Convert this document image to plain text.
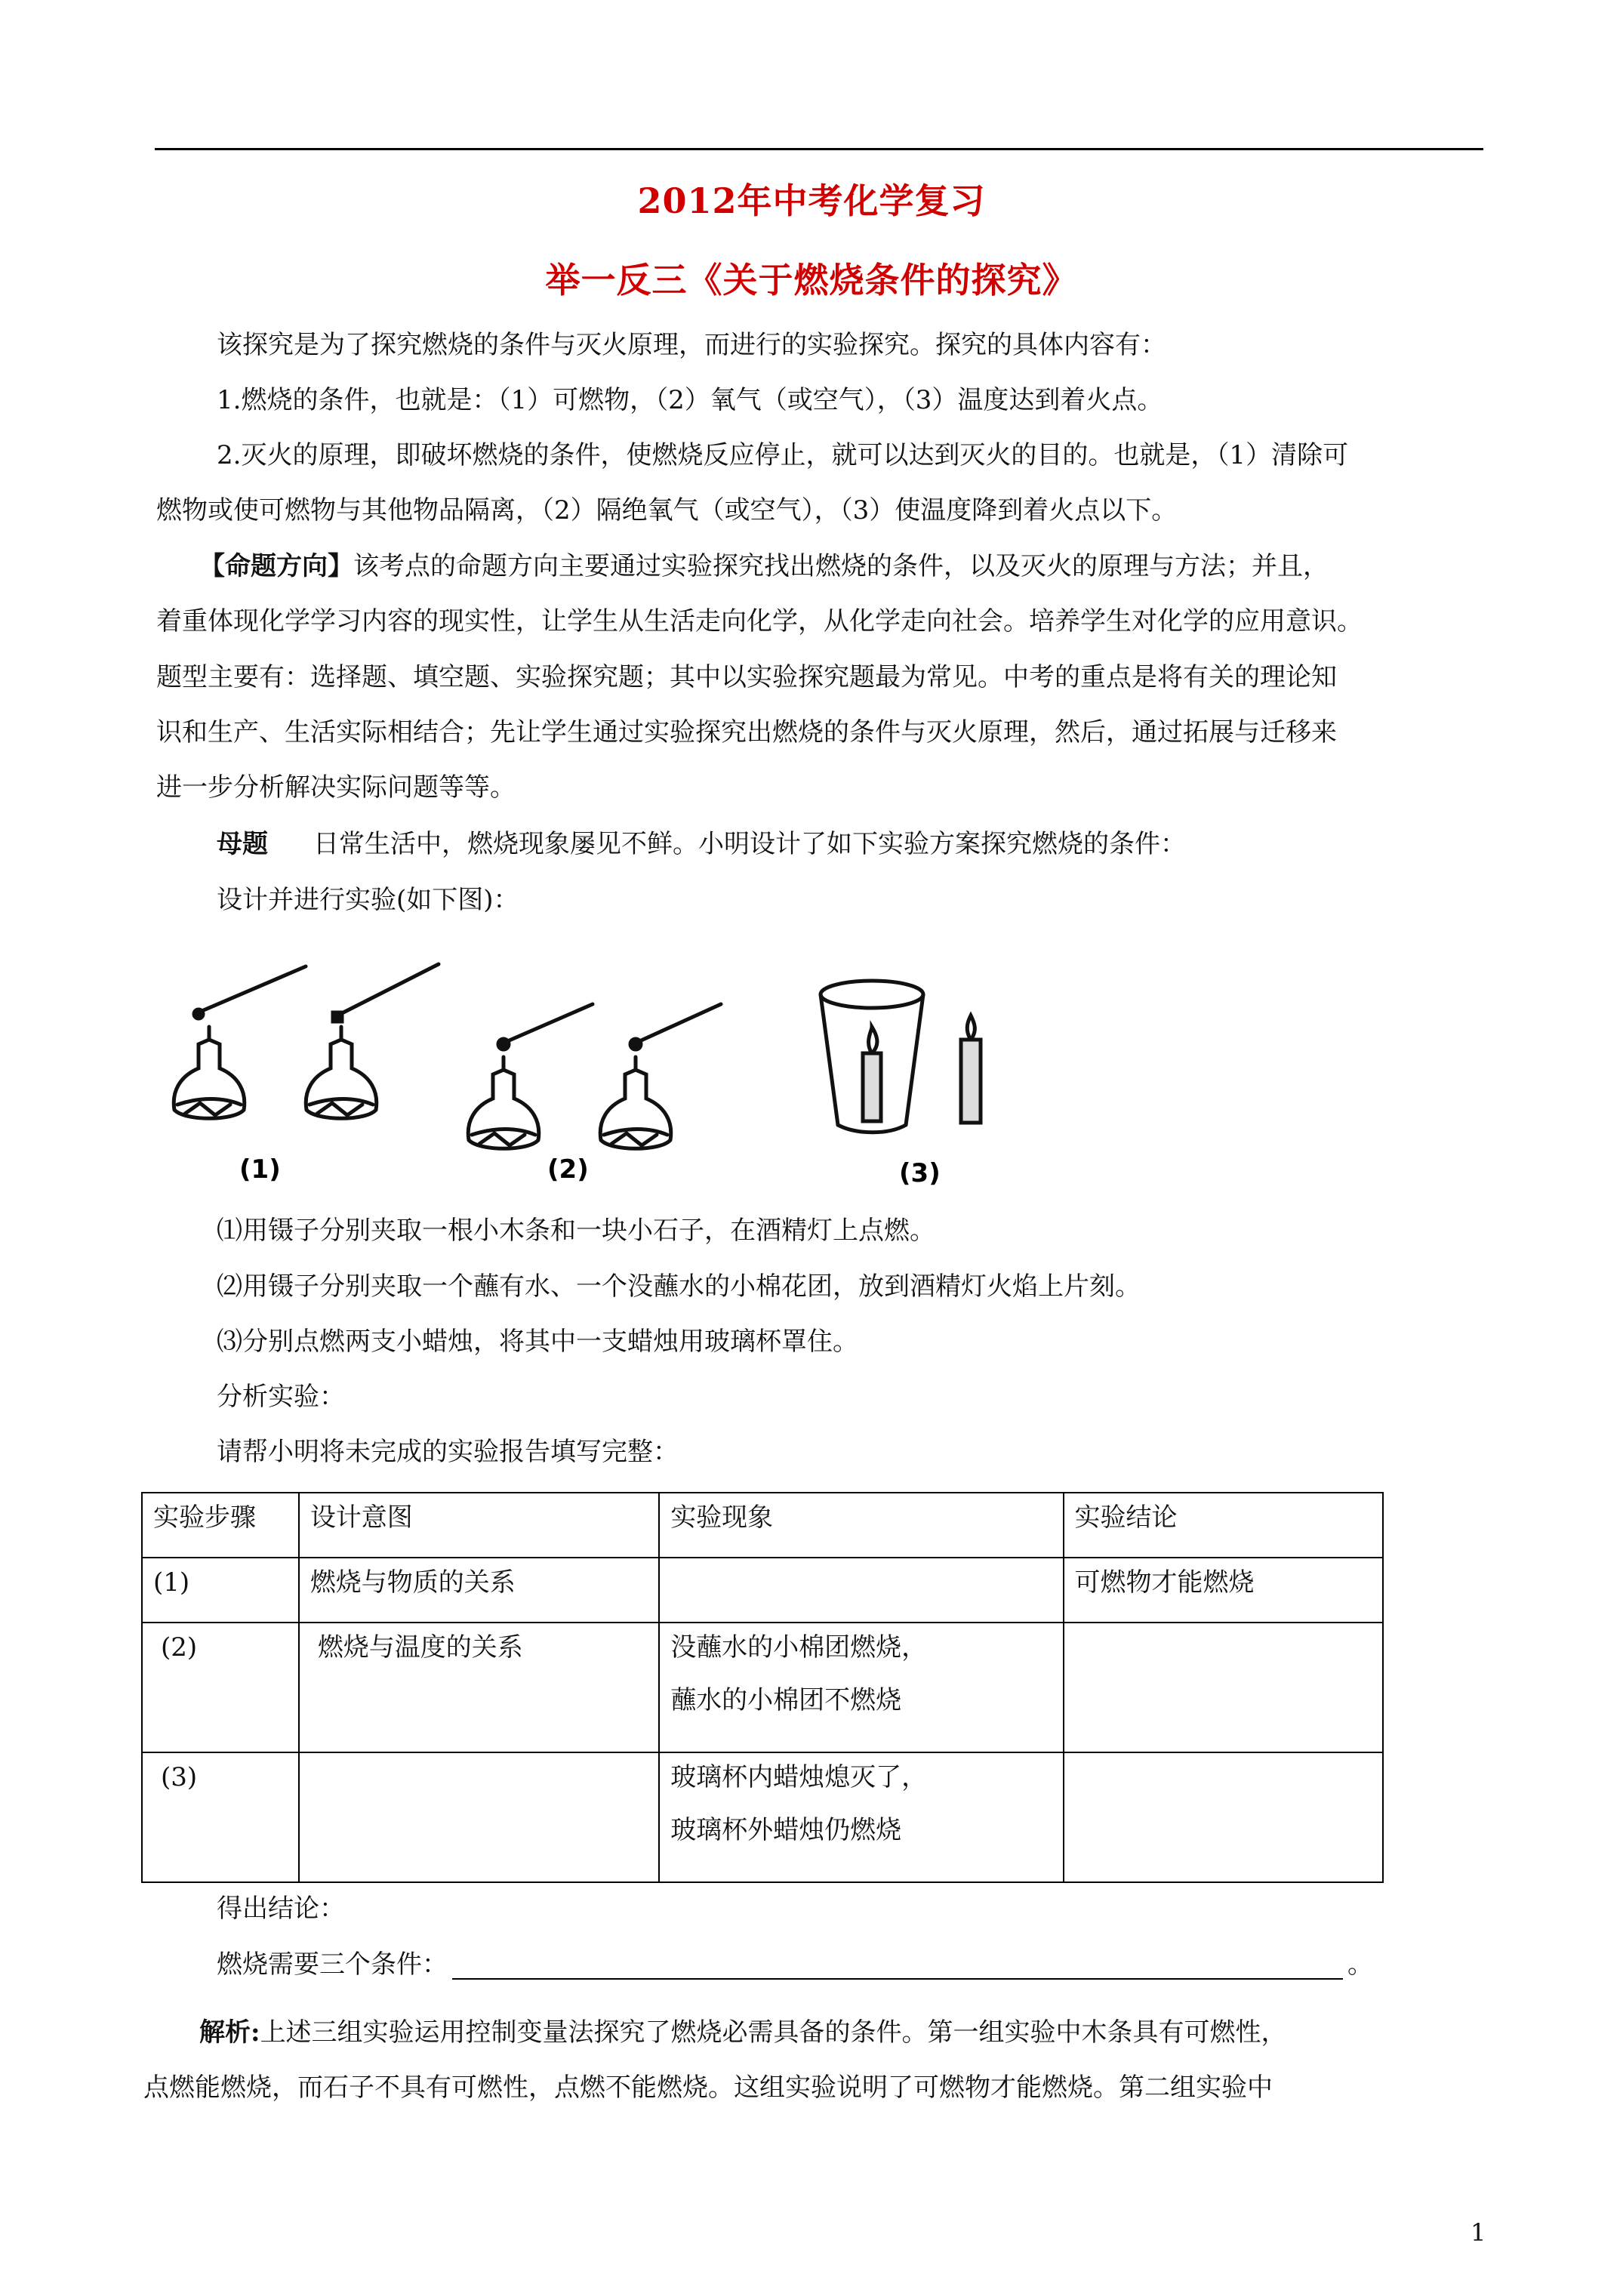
2012年中考化学复习
举一反三《关于燃烧条件的探究》
该探究是为了探究燃烧的条件与灭火原理，而进行的实验探究。探究的具体内容有：
1.燃烧的条件，也就是：（1）可燃物，（2）氧气（或空气），（3）温度达到着火点。
2.灭火的原理，即破坏燃烧的条件，使燃烧反应停止，就可以达到灭火的目的。也就是，（1）清除可
燃物或使可燃物与其他物品隔离，（2）隔绝氧气（或空气），（3）使温度降到着火点以下。
【命题方向】该考点的命题方向主要通过实验探究找出燃烧的条件，以及灭火的原理与方法；并且，
着重体现化学学习内容的现实性，让学生从生活走向化学，从化学走向社会。培养学生对化学的应用意识。
题型主要有：选择题、填空题、实验探究题；其中以实验探究题最为常见。中考的重点是将有关的理论知
识和生产、生活实际相结合；先让学生通过实验探究出燃烧的条件与灭火原理，然后，通过拓展与迁移来
进一步分析解决实际问题等等。
母题 日常生活中，燃烧现象屡见不鲜。小明设计了如下实验方案探究燃烧的条件：
设计并进行实验(如下图)：
(1)	(2)	(3)
⑴用镊子分别夹取一根小木条和一块小石子，在酒精灯上点燃。
⑵用镊子分别夹取一个蘸有水、一个没蘸水的小棉花团，放到酒精灯火焰上片刻。
⑶分别点燃两支小蜡烛，将其中一支蜡烛用玻璃杯罩住。
分析实验：
请帮小明将未完成的实验报告填写完整：
实验步骤	设计意图	实验现象	实验结论
(1)	燃烧与物质的关系		可燃物才能燃烧
(2)	燃烧与温度的关系	没蘸水的小棉团燃烧，
蘸水的小棉团不燃烧	

(3)		玻璃杯内蜡烛熄灭了，
玻璃杯外蜡烛仍燃烧	

得出结论：
燃烧需要三个条件：	。
解析:上述三组实验运用控制变量法探究了燃烧必需具备的条件。第一组实验中木条具有可燃性，
点燃能燃烧，而石子不具有可燃性，点燃不能燃烧。这组实验说明了可燃物才能燃烧。第二组实验中
1
